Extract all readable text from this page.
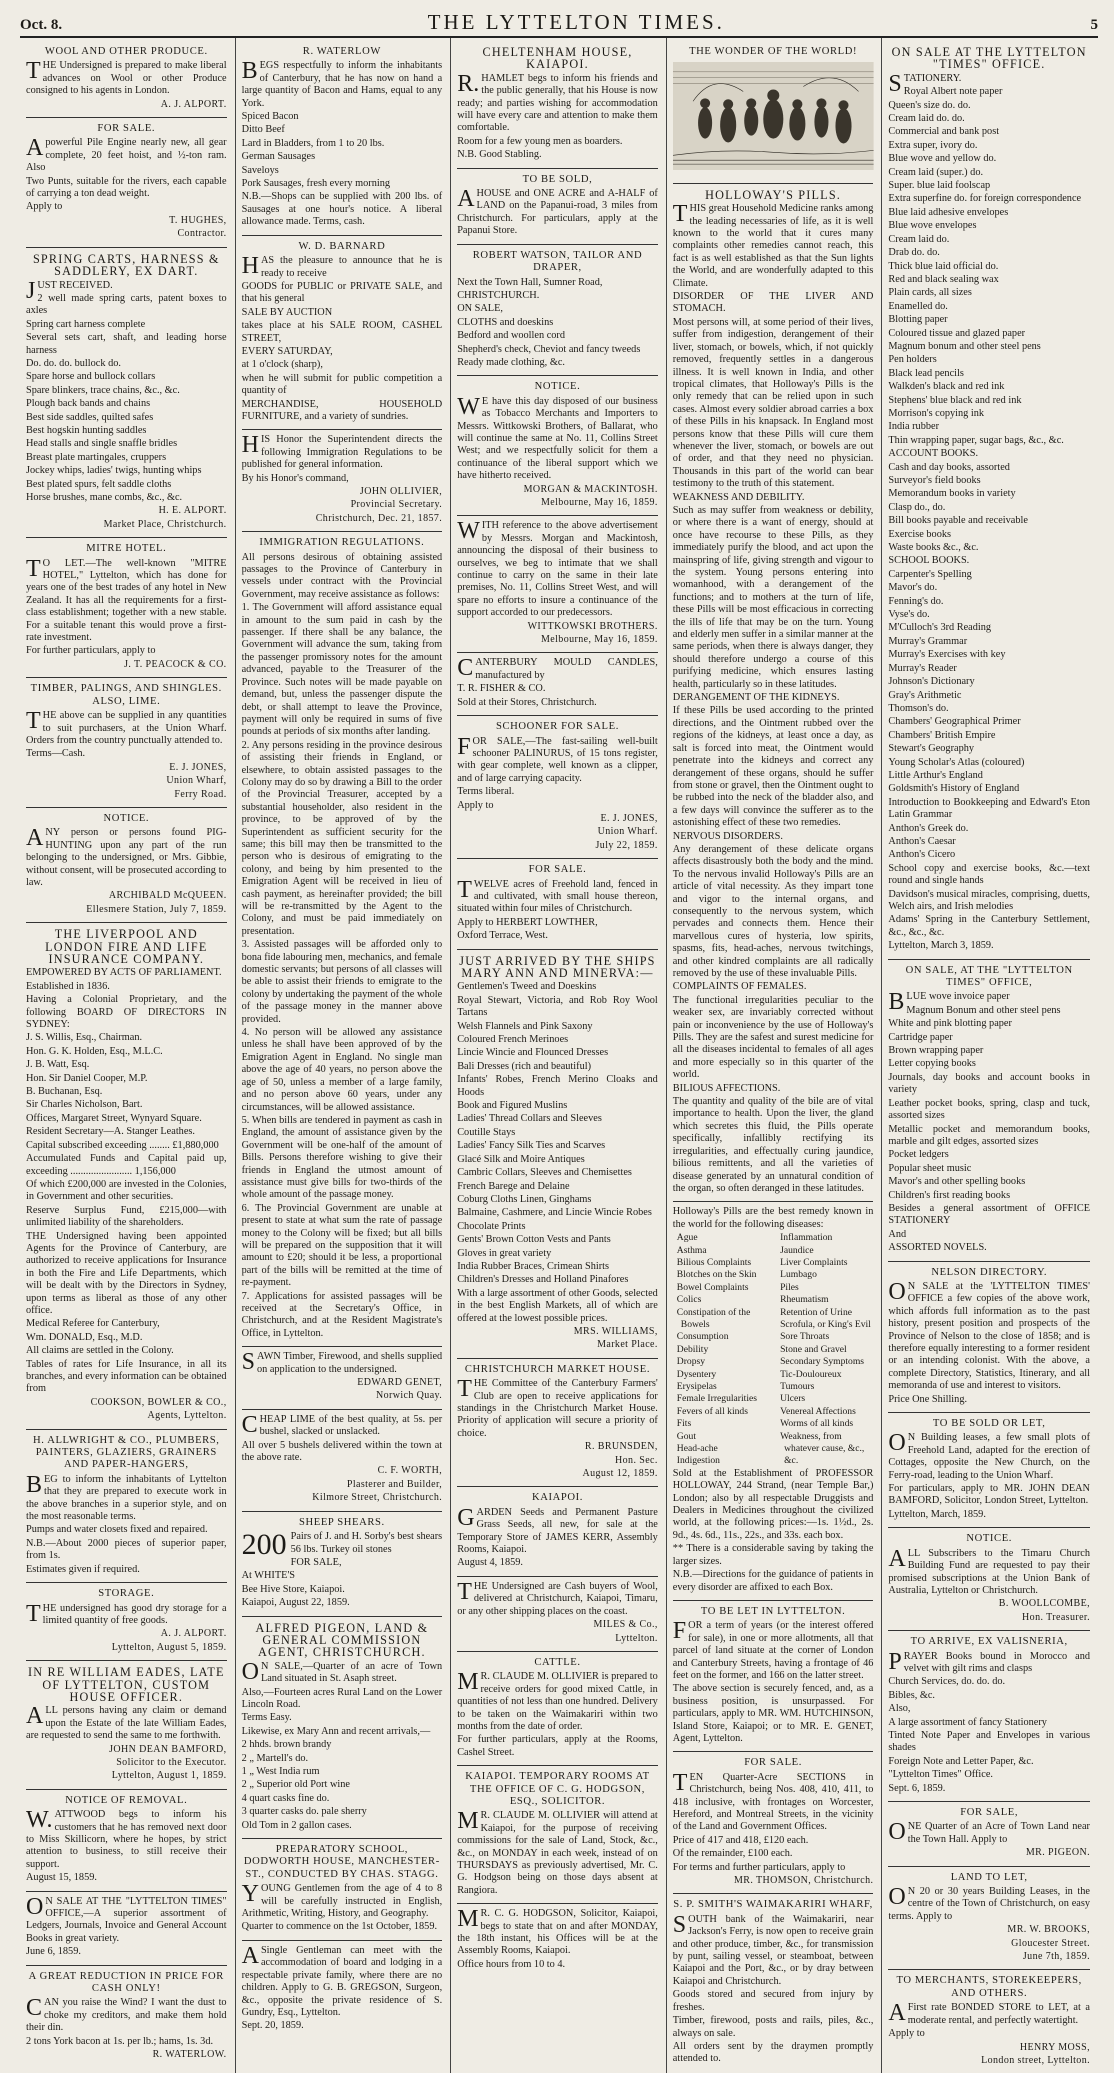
Oct. 8.	THE LYTTELTON TIMES.	5
WOOL AND OTHER PRODUCE.

THE Undersigned is prepared to make liberal advances on Wool or other Produce consigned to his agents in London.

A. J. ALPORT.
FOR SALE.

Apowerful Pile Engine nearly new, all gear complete, 20 feet hoist, and ½-ton ram. Also

Two Punts, suitable for the rivers, each capable of carrying a ton dead weight.

Apply to

T. HUGHES,
Contractor.
SPRING CARTS, HARNESS & SADDLERY, EX DART.

JUST RECEIVED.

2 well made spring carts, patent boxes to axles

Spring cart harness complete

Several sets cart, shaft, and leading horse harness

Do. do. do. bullock do.

Spare horse and bullock collars

Spare blinkers, trace chains, &c., &c.

Plough back bands and chains

Best side saddles, quilted safes

Best hogskin hunting saddles

Head stalls and single snaffle bridles

Breast plate martingales, cruppers

Jockey whips, ladies' twigs, hunting whips

Best plated spurs, felt saddle cloths

Horse brushes, mane combs, &c., &c.

H. E. ALPORT.
Market Place, Christchurch.
MITRE HOTEL.

TO LET.—The well-known "MITRE HOTEL," Lyttelton, which has done for years one of the best trades of any hotel in New Zealand. It has all the requirements for a first-class establishment; together with a new stable. For a suitable tenant this would prove a first-rate investment.

For further particulars, apply to

J. T. PEACOCK & CO.
TIMBER, PALINGS, AND SHINGLES. ALSO, LIME.

THE above can be supplied in any quantities to suit purchasers, at the Union Wharf. Orders from the country punctually attended to.

Terms—Cash.

E. J. JONES,
Union Wharf,
Ferry Road.
NOTICE.

ANY person or persons found PIG-HUNTING upon any part of the run belonging to the undersigned, or Mrs. Gibbie, without consent, will be prosecuted according to law.

ARCHIBALD McQUEEN.
Ellesmere Station, July 7, 1859.
THE LIVERPOOL AND LONDON FIRE AND LIFE INSURANCE COMPANY.

EMPOWERED BY ACTS OF PARLIAMENT.

Established in 1836.

Having a Colonial Proprietary, and the following BOARD OF DIRECTORS IN SYDNEY:

J. S. Willis, Esq., Chairman.

Hon. G. K. Holden, Esq., M.L.C.

J. B. Watt, Esq.

Hon. Sir Daniel Cooper, M.P.

B. Buchanan, Esq.

Sir Charles Nicholson, Bart.

Offices, Margaret Street, Wynyard Square.

Resident Secretary—A. Stanger Leathes.

Capital subscribed exceeding ........ £1,880,000

Accumulated Funds and Capital paid up, exceeding ........................ 1,156,000

Of which £200,000 are invested in the Colonies, in Government and other securities.

Reserve Surplus Fund, £215,000—with unlimited liability of the shareholders.

THE Undersigned having been appointed Agents for the Province of Canterbury, are authorized to receive applications for Insurance in both the Fire and Life Departments, which will be dealt with by the Directors in Sydney, upon terms as liberal as those of any other office.

Medical Referee for Canterbury,

Wm. DONALD, Esq., M.D.

All claims are settled in the Colony.

Tables of rates for Life Insurance, in all its branches, and every information can be obtained from

COOKSON, BOWLER & CO.,
Agents, Lyttelton.
H. ALLWRIGHT & CO., PLUMBERS, PAINTERS, GLAZIERS, GRAINERS AND PAPER-HANGERS,

BEG to inform the inhabitants of Lyttelton that they are prepared to execute work in the above branches in a superior style, and on the most reasonable terms.

Pumps and water closets fixed and repaired.

N.B.—About 2000 pieces of superior paper, from 1s.

Estimates given if required.

STORAGE.

THE undersigned has good dry storage for a limited quantity of free goods.

A. J. ALPORT.
Lyttelton, August 5, 1859.
IN RE WILLIAM EADES, LATE OF LYTTELTON, CUSTOM HOUSE OFFICER.

ALL persons having any claim or demand upon the Estate of the late William Eades, are requested to send the same to me forthwith.

JOHN DEAN BAMFORD,
Solicitor to the Executor.
Lyttelton, August 1, 1859.
NOTICE OF REMOVAL.

W.ATTWOOD begs to inform his customers that he has removed next door to Miss Skillicorn, where he hopes, by strict attention to business, to still receive their support.

August 15, 1859.

ON SALE AT THE "LYTTELTON TIMES" OFFICE,—A superior assortment of Ledgers, Journals, Invoice and General Account Books in great variety.

June 6, 1859.

A GREAT REDUCTION IN PRICE FOR CASH ONLY!

CAN you raise the Wind? I want the dust to choke my creditors, and make them hold their din.

2 tons York bacon at 1s. per lb.; hams, 1s. 3d.

R. WATERLOW.
R. WATERLOW

BEGS respectfully to inform the inhabitants of Canterbury, that he has now on hand a large quantity of Bacon and Hams, equal to any York.

Spiced Bacon

Ditto Beef

Lard in Bladders, from 1 to 20 lbs.

German Sausages

Saveloys

Pork Sausages, fresh every morning

N.B.—Shops can be supplied with 200 lbs. of Sausages at one hour's notice. A liberal allowance made. Terms, cash.

W. D. BARNARD

HAS the pleasure to announce that he is ready to receive

GOODS for PUBLIC or PRIVATE SALE, and that his general

SALE BY AUCTION

takes place at his SALE ROOM, CASHEL STREET,

EVERY SATURDAY,

at 1 o'clock (sharp),

when he will submit for public competition a quantity of

MERCHANDISE, HOUSEHOLD FURNITURE, and a variety of sundries.

HIS Honor the Superintendent directs the following Immigration Regulations to be published for general information.

By his Honor's command,

JOHN OLLIVIER,
Provincial Secretary.
Christchurch, Dec. 21, 1857.
IMMIGRATION REGULATIONS.

All persons desirous of obtaining assisted passages to the Province of Canterbury in vessels under contract with the Provincial Government, may receive assistance as follows:

1. The Government will afford assistance equal in amount to the sum paid in cash by the passenger. If there shall be any balance, the Government will advance the sum, taking from the passenger promissory notes for the amount advanced, payable to the Treasurer of the Province. Such notes will be made payable on demand, but, unless the passenger dispute the debt, or shall attempt to leave the Province, payment will only be required in sums of five pounds at periods of six months after landing.

2. Any persons residing in the province desirous of assisting their friends in England, or elsewhere, to obtain assisted passages to the Colony may do so by drawing a Bill to the order of the Provincial Treasurer, accepted by a substantial householder, also resident in the province, to be approved of by the Superintendent as sufficient security for the same; this bill may then be transmitted to the person who is desirous of emigrating to the colony, and being by him presented to the Emigration Agent will be received in lieu of cash payment, as hereinafter provided; the bill will be re-transmitted by the Agent to the Colony, and must be paid immediately on presentation.

3. Assisted passages will be afforded only to bona fide labouring men, mechanics, and female domestic servants; but persons of all classes will be able to assist their friends to emigrate to the colony by undertaking the payment of the whole of the passage money in the manner above provided.

4. No person will be allowed any assistance unless he shall have been approved of by the Emigration Agent in England. No single man above the age of 40 years, no person above the age of 50, unless a member of a large family, and no person above 60 years, under any circumstances, will be allowed assistance.

5. When bills are tendered in payment as cash in England, the amount of assistance given by the Government will be one-half of the amount of Bills. Persons therefore wishing to give their friends in England the utmost amount of assistance must give bills for two-thirds of the whole amount of the passage money.

6. The Provincial Government are unable at present to state at what sum the rate of passage money to the Colony will be fixed; but all bills will be prepared on the supposition that it will amount to £20; should it be less, a proportional part of the bills will be remitted at the time of re-payment.

7. Applications for assisted passages will be received at the Secretary's Office, in Christchurch, and at the Resident Magistrate's Office, in Lyttelton.

SAWN Timber, Firewood, and shells supplied on application to the undersigned.

EDWARD GENET,
Norwich Quay.

CHEAP LIME of the best quality, at 5s. per bushel, slacked or unslacked.

All over 5 bushels delivered within the town at the above rate.

C. F. WORTH,
Plasterer and Builder,
Kilmore Street, Christchurch.
SHEEP SHEARS.
200 Pairs of J. and H. Sorby's best shears 56 lbs. Turkey oil stones

FOR SALE,

At WHITE'S

Bee Hive Store, Kaiapoi.

Kaiapoi, August 22, 1859.

ALFRED PIGEON, LAND & GENERAL COMMISSION AGENT, CHRISTCHURCH.

ON SALE,—Quarter of an acre of Town Land situated in St. Asaph street.

Also,—Fourteen acres Rural Land on the Lower Lincoln Road.

Terms Easy.

Likewise, ex Mary Ann and recent arrivals,—

2 hhds. brown brandy

2 „ Martell's do.

1 „ West India rum

2 „ Superior old Port wine

4 quart casks fine do.

3 quarter casks do. pale sherry

Old Tom in 2 gallon cases.

PREPARATORY SCHOOL, DODWORTH HOUSE, MANCHESTER-ST., CONDUCTED BY CHAS. STAGG.

YOUNG Gentlemen from the age of 4 to 8 will be carefully instructed in English, Arithmetic, Writing, History, and Geography.

Quarter to commence on the 1st October, 1859.

ASingle Gentleman can meet with the accommodation of board and lodging in a respectable private family, where there are no children. Apply to G. B. GREGSON, Surgeon, &c., opposite the private residence of S. Gundry, Esq., Lyttelton.

Sept. 20, 1859.

CHELTENHAM HOUSE, KAIAPOI.

R.HAMLET begs to inform his friends and the public generally, that his House is now ready; and parties wishing for accommodation will have every care and attention to make them comfortable.

Room for a few young men as boarders.

N.B. Good Stabling.

TO BE SOLD,

AHOUSE and ONE ACRE and A-HALF of LAND on the Papanui-road, 3 miles from Christchurch. For particulars, apply at the Papanui Store.

ROBERT WATSON, TAILOR AND DRAPER,

Next the Town Hall, Sumner Road,

CHRISTCHURCH.

ON SALE,

CLOTHS and doeskins

Bedford and woollen cord

Shepherd's check, Cheviot and fancy tweeds

Ready made clothing, &c.

NOTICE.

WE have this day disposed of our business as Tobacco Merchants and Importers to Messrs. Wittkowski Brothers, of Ballarat, who will continue the same at No. 11, Collins Street West; and we respectfully solicit for them a continuance of the liberal support which we have hitherto received.

MORGAN & MACKINTOSH.
Melbourne, May 16, 1859.

WITH reference to the above advertisement by Messrs. Morgan and Mackintosh, announcing the disposal of their business to ourselves, we beg to intimate that we shall continue to carry on the same in their late premises, No. 11, Collins Street West, and will spare no efforts to insure a continuance of the support accorded to our predecessors.

WITTKOWSKI BROTHERS.
Melbourne, May 16, 1859.

CANTERBURY MOULD CANDLES, manufactured by

T. R. FISHER & CO.

Sold at their Stores, Christchurch.

SCHOONER FOR SALE.

FOR SALE,—The fast-sailing well-built schooner PALINURUS, of 15 tons register, with gear complete, well known as a clipper, and of large carrying capacity.

Terms liberal.

Apply to

E. J. JONES,
Union Wharf.
July 22, 1859.
FOR SALE.

TWELVE acres of Freehold land, fenced in and cultivated, with small house thereon, situated within four miles of Christchurch.

Apply to HERBERT LOWTHER,

Oxford Terrace, West.

JUST ARRIVED BY THE SHIPS MARY ANN AND MINERVA:—

Gentlemen's Tweed and Doeskins

Royal Stewart, Victoria, and Rob Roy Wool Tartans

Welsh Flannels and Pink Saxony

Coloured French Merinoes

Lincie Wincie and Flounced Dresses

Bali Dresses (rich and beautiful)

Infants' Robes, French Merino Cloaks and Hoods

Book and Figured Muslins

Ladies' Thread Collars and Sleeves

Coutille Stays

Ladies' Fancy Silk Ties and Scarves

Glacé Silk and Moire Antiques

Cambric Collars, Sleeves and Chemisettes

French Barege and Delaine

Coburg Cloths Linen, Ginghams

Balmaine, Cashmere, and Lincie Wincie Robes

Chocolate Prints

Gents' Brown Cotton Vests and Pants

Gloves in great variety

India Rubber Braces, Crimean Shirts

Children's Dresses and Holland Pinafores

With a large assortment of other Goods, selected in the best English Markets, all of which are offered at the lowest possible prices.

MRS. WILLIAMS,
Market Place.
CHRISTCHURCH MARKET HOUSE.

THE Committee of the Canterbury Farmers' Club are open to receive applications for standings in the Christchurch Market House. Priority of application will secure a priority of choice.

R. BRUNSDEN,
Hon. Sec.
August 12, 1859.
KAIAPOI.

GARDEN Seeds and Permanent Pasture Grass Seeds, all new, for sale at the Temporary Store of JAMES KERR, Assembly Rooms, Kaiapoi.

August 4, 1859.

THE Undersigned are Cash buyers of Wool, delivered at Christchurch, Kaiapoi, Timaru, or any other shipping places on the coast.

MILES & Co.,
Lyttelton.
CATTLE.

MR. CLAUDE M. OLLIVIER is prepared to receive orders for good mixed Cattle, in quantities of not less than one hundred. Delivery to be taken on the Waimakariri within two months from the date of order.

For further particulars, apply at the Rooms, Cashel Street.

KAIAPOI. TEMPORARY ROOMS AT THE OFFICE OF C. G. HODGSON, ESQ., SOLICITOR.

MR. CLAUDE M. OLLIVIER will attend at Kaiapoi, for the purpose of receiving commissions for the sale of Land, Stock, &c., &c., on MONDAY in each week, instead of on THURSDAYS as previously advertised, Mr. C. G. Hodgson being on those days absent at Rangiora.

MR. C. G. HODGSON, Solicitor, Kaiapoi, begs to state that on and after MONDAY, the 18th instant, his Offices will be at the Assembly Rooms, Kaiapoi.

Office hours from 10 to 4.

THE WONDER OF THE WORLD!
HOLLOWAY'S PILLS.

THIS great Household Medicine ranks among the leading necessaries of life, as it is well known to the world that it cures many complaints other remedies cannot reach, this fact is as well established as that the Sun lights the World, and are wonderfully adapted to this Climate.

DISORDER OF THE LIVER AND STOMACH.

Most persons will, at some period of their lives, suffer from indigestion, derangement of their liver, stomach, or bowels, which, if not quickly removed, frequently settles in a dangerous illness. It is well known in India, and other tropical climates, that Holloway's Pills is the only remedy that can be relied upon in such cases. Almost every soldier abroad carries a box of these Pills in his knapsack. In England most persons know that these Pills will cure them whenever the liver, stomach, or bowels are out of order, and that they need no physician. Thousands in this part of the world can bear testimony to the truth of this statement.

WEAKNESS AND DEBILITY.

Such as may suffer from weakness or debility, or where there is a want of energy, should at once have recourse to these Pills, as they immediately purify the blood, and act upon the mainspring of life, giving strength and vigour to the system. Young persons entering into womanhood, with a derangement of the functions; and to mothers at the turn of life, these Pills will be most efficacious in correcting the ills of life that may be on the turn. Young and elderly men suffer in a similar manner at the same periods, when there is always danger, they should therefore undergo a course of this purifying medicine, which ensures lasting health, particularly so in these latitudes.

DERANGEMENT OF THE KIDNEYS.

If these Pills be used according to the printed directions, and the Ointment rubbed over the regions of the kidneys, at least once a day, as salt is forced into meat, the Ointment would penetrate into the kidneys and correct any derangement of these organs, should he suffer from stone or gravel, then the Ointment ought to be rubbed into the neck of the bladder also, and a few days will convince the sufferer as to the astonishing effect of these two remedies.

NERVOUS DISORDERS.

Any derangement of these delicate organs affects disastrously both the body and the mind. To the nervous invalid Holloway's Pills are an article of vital necessity. As they impart tone and vigor to the internal organs, and consequently to the nervous system, which pervades and connects them. Hence their marvellous cures of hysteria, low spirits, spasms, fits, head-aches, nervous twitchings, and other kindred complaints are all radically removed by the use of these invaluable Pills.

COMPLAINTS OF FEMALES.

The functional irregularities peculiar to the weaker sex, are invariably corrected without pain or inconvenience by the use of Holloway's Pills. They are the safest and surest medicine for all the diseases incidental to females of all ages and more especially so in this quarter of the world.

BILIOUS AFFECTIONS.

The quantity and quality of the bile are of vital importance to health. Upon the liver, the gland which secretes this fluid, the Pills operate specifically, infallibly rectifying its irregularities, and effectually curing jaundice, bilious remittents, and all the varieties of disease generated by an unnatural condition of the organ, so often deranged in these latitudes.

Holloway's Pills are the best remedy known in the world for the following diseases:

Ague
Asthma
Bilious Complaints
Blotches on the Skin
Bowel Complaints
Colics
Constipation of the Bowels
Consumption
Debility
Dropsy
Dysentery
Erysipelas
Female Irregularities
Fevers of all kinds
Fits
Gout
Head-ache
Indigestion
Inflammation
Jaundice
Liver Complaints
Lumbago
Piles
Rheumatism
Retention of Urine
Scrofula, or King's Evil
Sore Throats
Stone and Gravel
Secondary Symptoms
Tic-Douloureux
Tumours
Ulcers
Venereal Affections
Worms of all kinds
Weakness, from whatever cause, &c., &c.

Sold at the Establishment of PROFESSOR HOLLOWAY, 244 Strand, (near Temple Bar,) London; also by all respectable Druggists and Dealers in Medicines throughout the civilized world, at the following prices:—1s. 1½d., 2s. 9d., 4s. 6d., 11s., 22s., and 33s. each box.

** There is a considerable saving by taking the larger sizes.

N.B.—Directions for the guidance of patients in every disorder are affixed to each Box.

TO BE LET IN LYTTELTON.

FOR a term of years (or the interest offered for sale), in one or more allotments, all that parcel of land situate at the corner of London and Canterbury Streets, having a frontage of 46 feet on the former, and 166 on the latter street.

The above section is securely fenced, and, as a business position, is unsurpassed. For particulars, apply to MR. WM. HUTCHINSON, Island Store, Kaiapoi; or to MR. E. GENET, Agent, Lyttelton.

FOR SALE.

TEN Quarter-Acre SECTIONS in Christchurch, being Nos. 408, 410, 411, to 418 inclusive, with frontages on Worcester, Hereford, and Montreal Streets, in the vicinity of the Land and Government Offices.

Price of 417 and 418, £120 each.

Of the remainder, £100 each.

For terms and further particulars, apply to

MR. THOMSON, Christchurch.
S. P. SMITH'S WAIMAKARIRI WHARF,

SOUTH bank of the Waimakariri, near Jackson's Ferry, is now open to receive grain and other produce, timber, &c., for transmission by punt, sailing vessel, or steamboat, between Kaiapoi and the Port, &c., or by dray between Kaiapoi and Christchurch.

Goods stored and secured from injury by freshes.

Timber, firewood, posts and rails, piles, &c., always on sale.

All orders sent by the draymen promptly attended to.

ON SALE AT THE LYTTELTON "TIMES" OFFICE.

STATIONERY.

Royal Albert note paper

Queen's size do. do.

Cream laid do. do.

Commercial and bank post

Extra super, ivory do.

Blue wove and yellow do.

Cream laid (super.) do.

Super. blue laid foolscap

Extra superfine do. for foreign correspondence

Blue laid adhesive envelopes

Blue wove envelopes

Cream laid do.

Drab do. do.

Thick blue laid official do.

Red and black sealing wax

Plain cards, all sizes

Enamelled do.

Blotting paper

Coloured tissue and glazed paper

Magnum bonum and other steel pens

Pen holders

Black lead pencils

Walkden's black and red ink

Stephens' blue black and red ink

Morrison's copying ink

India rubber

Thin wrapping paper, sugar bags, &c., &c.

ACCOUNT BOOKS.

Cash and day books, assorted

Surveyor's field books

Memorandum books in variety

Clasp do., do.

Bill books payable and receivable

Exercise books

Waste books &c., &c.

SCHOOL BOOKS.

Carpenter's Spelling

Mavor's do.

Fenning's do.

Vyse's do.

M'Culloch's 3rd Reading

Murray's Grammar

Murray's Exercises with key

Murray's Reader

Johnson's Dictionary

Gray's Arithmetic

Thomson's do.

Chambers' Geographical Primer

Chambers' British Empire

Stewart's Geography

Young Scholar's Atlas (coloured)

Little Arthur's England

Goldsmith's History of England

Introduction to Bookkeeping and Edward's Eton Latin Grammar

Anthon's Greek do.

Anthon's Caesar

Anthon's Cicero

School copy and exercise books, &c.—text round and single hands

Davidson's musical miracles, comprising, duetts, Welch airs, and Irish melodies

Adams' Spring in the Canterbury Settlement, &c., &c., &c.

Lyttelton, March 3, 1859.

ON SALE, AT THE "LYTTELTON TIMES" OFFICE,

BLUE wove invoice paper

Magnum Bonum and other steel pens

White and pink blotting paper

Cartridge paper

Brown wrapping paper

Letter copying books

Journals, day books and account books in variety

Leather pocket books, spring, clasp and tuck, assorted sizes

Metallic pocket and memorandum books, marble and gilt edges, assorted sizes

Pocket ledgers

Popular sheet music

Mavor's and other spelling books

Children's first reading books

Besides a general assortment of OFFICE STATIONERY

And

ASSORTED NOVELS.

NELSON DIRECTORY.

ON SALE at the 'LYTTELTON TIMES' OFFICE a few copies of the above work, which affords full information as to the past history, present position and prospects of the Province of Nelson to the close of 1858; and is therefore equally interesting to a former resident or an intending colonist. With the above, a complete Directory, Statistics, Itinerary, and all memoranda of use and interest to visitors.

Price One Shilling.

TO BE SOLD OR LET,

ON Building leases, a few small plots of Freehold Land, adapted for the erection of Cottages, opposite the New Church, on the Ferry-road, leading to the Union Wharf.

For particulars, apply to MR. JOHN DEAN BAMFORD, Solicitor, London Street, Lyttelton.

Lyttelton, March, 1859.

NOTICE.

ALL Subscribers to the Timaru Church Building Fund are requested to pay their promised subscriptions at the Union Bank of Australia, Lyttelton or Christchurch.

B. WOOLLCOMBE,
Hon. Treasurer.
TO ARRIVE, EX VALISNERIA,

PRAYER Books bound in Morocco and velvet with gilt rims and clasps

Church Services, do. do. do.

Bibles, &c.

Also,

A large assortment of fancy Stationery

Tinted Note Paper and Envelopes in various shades

Foreign Note and Letter Paper, &c.

"Lyttelton Times" Office.

Sept. 6, 1859.

FOR SALE,

ONE Quarter of an Acre of Town Land near the Town Hall. Apply to

MR. PIGEON.
LAND TO LET,

ON 20 or 30 years Building Leases, in the centre of the Town of Christchurch, on easy terms. Apply to

MR. W. BROOKS,
Gloucester Street.
June 7th, 1859.
TO MERCHANTS, STOREKEEPERS, AND OTHERS.

AFirst rate BONDED STORE to LET, at a moderate rental, and perfectly watertight.

Apply to

HENRY MOSS,
London street, Lyttelton.
